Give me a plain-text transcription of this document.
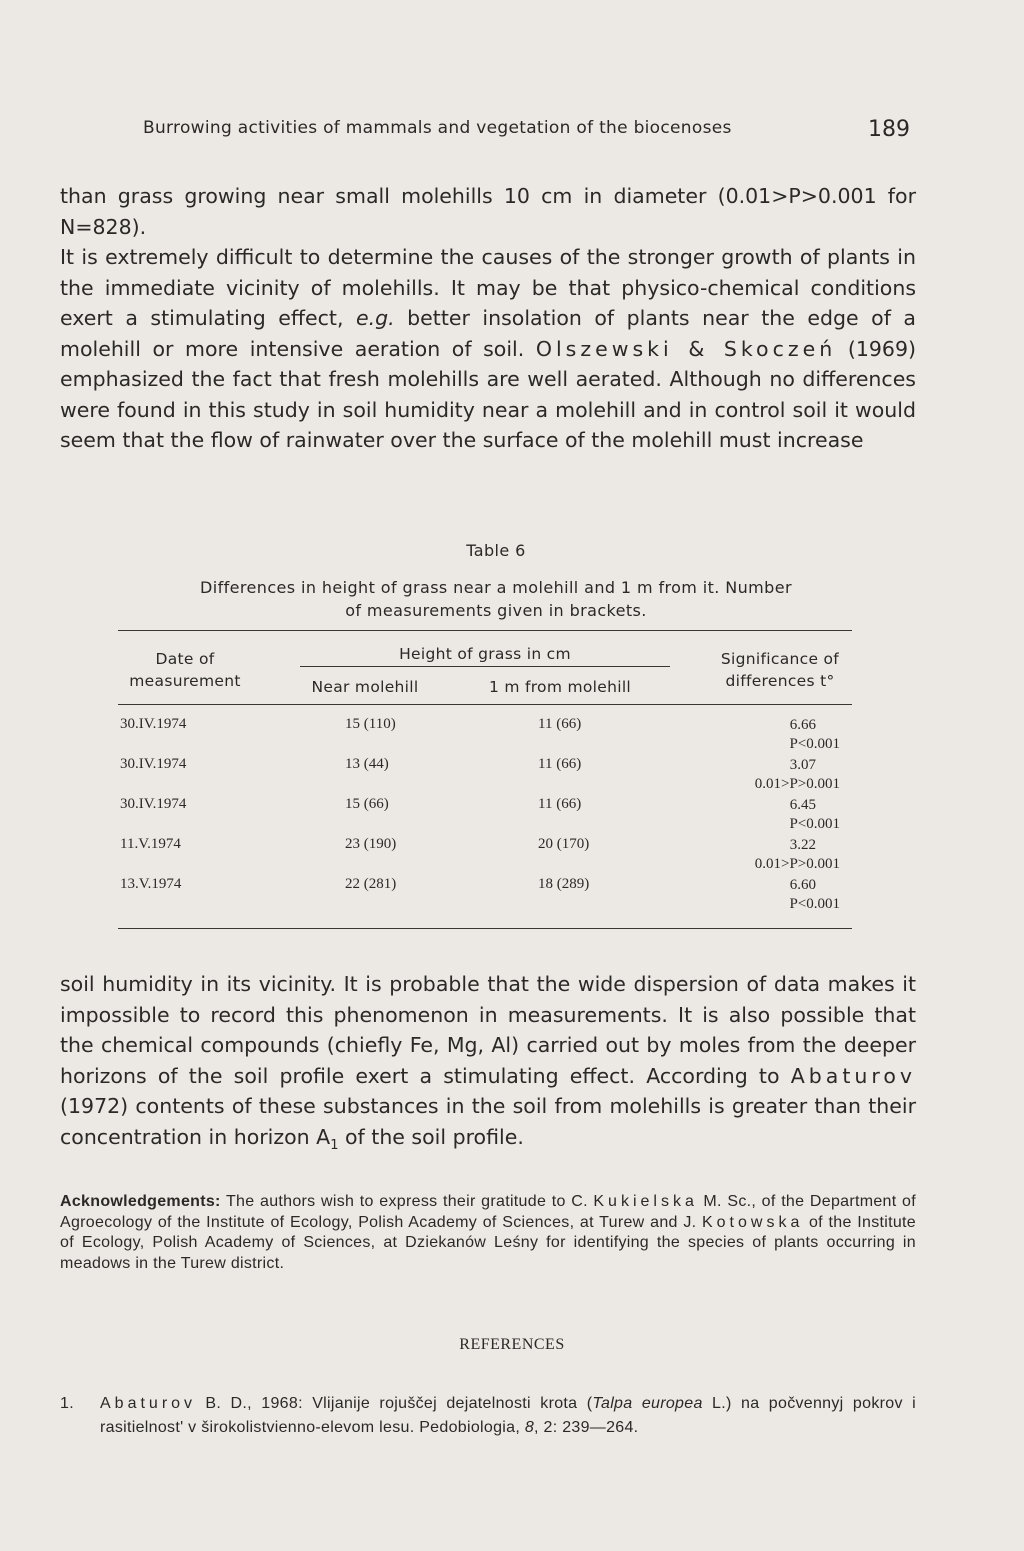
Burrowing activities of mammals and vegetation of the biocenoses	189

than grass growing near small molehills 10 cm in diameter (0.01>P>0.001 for N=828).

It is extremely difficult to determine the causes of the stronger growth of plants in the immediate vicinity of molehills. It may be that physico-chemical conditions exert a stimulating effect, e.g. better insolation of plants near the edge of a molehill or more intensive aeration of soil. Olszewski & Skoczeń (1969) emphasized the fact that fresh molehills are well aerated. Although no differences were found in this study in soil humidity near a molehill and in control soil it would seem that the flow of rainwater over the surface of the molehill must increase

Table 6
Differences in height of grass near a molehill and 1 m from it. Number
of measurements given in brackets.
Date of
measurement
Height of grass in cm
Near molehill	1 m from molehill
Significance of
differences t°
30.IV.1974	15 (110)	11 (66)	6.66
P<0.001
30.IV.1974	13 (44)	11 (66)	3.07
0.01>P>0.001
30.IV.1974	15 (66)	11 (66)	6.45
P<0.001
11.V.1974	23 (190)	20 (170)	3.22
0.01>P>0.001
13.V.1974	22 (281)	18 (289)	6.60
P<0.001

soil humidity in its vicinity. It is probable that the wide dispersion of data makes it impossible to record this phenomenon in measurements. It is also possible that the chemical compounds (chiefly Fe, Mg, Al) carried out by moles from the deeper horizons of the soil profile exert a stimulating effect. According to Abaturov (1972) contents of these substances in the soil from molehills is greater than their concentration in horizon $A_1$ of the soil profile.

Acknowledgements: The authors wish to express their gratitude to C. Kukielska M. Sc., of the Department of Agroecology of the Institute of Ecology, Polish Academy of Sciences, at Turew and J. Kotowska of the Institute of Ecology, Polish Academy of Sciences, at Dziekanów Leśny for identifying the species of plants occurring in meadows in the Turew district.
REFERENCES
1. Abaturov B. D., 1968: Vlijanije rojuščej dejatelnosti krota (Talpa europea L.) na počvennyj pokrov i rasitielnost' v širokolistvienno-elevom lesu. Pedobiologia, 8, 2: 239—264.
